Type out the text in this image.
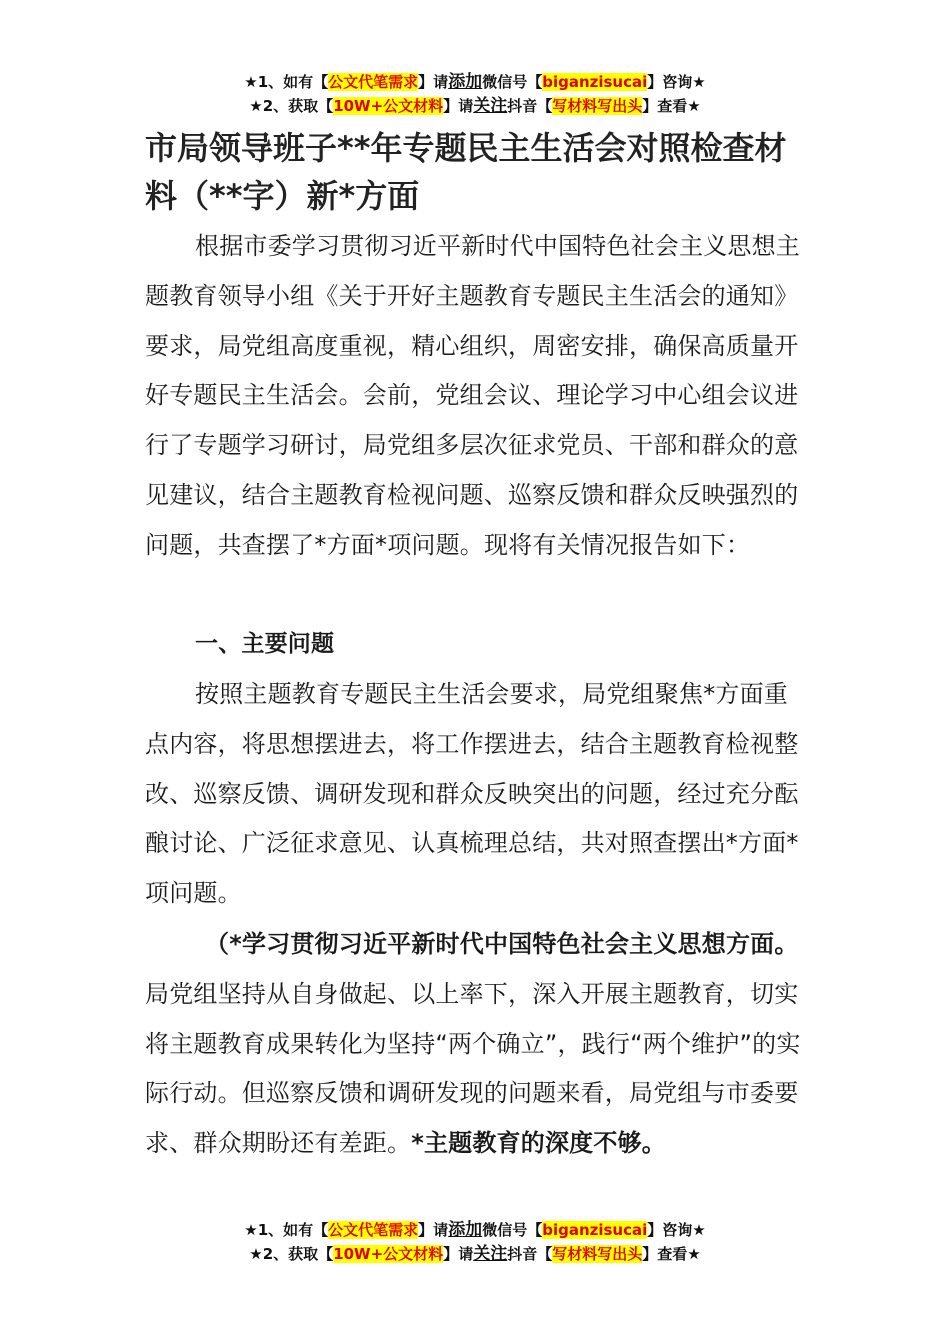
★1、如有【公文代笔需求】请添加微信号【biganzisucai】咨询★
★2、获取【10W+公文材料】请关注抖音【写材料写出头】查看★
市局领导班子**年专题民主生活会对照检查材料（**字）新*方面

根据市委学习贯彻习近平新时代中国特色社会主义思想主题教育领导小组《关于开好主题教育专题民主生活会的通知》要求，局党组高度重视，精心组织，周密安排，确保高质量开好专题民主生活会。会前，党组会议、理论学习中心组会议进行了专题学习研讨，局党组多层次征求党员、干部和群众的意见建议，结合主题教育检视问题、巡察反馈和群众反映强烈的问题，共查摆了*方面*项问题。现将有关情况报告如下：

一、主要问题

按照主题教育专题民主生活会要求，局党组聚焦*方面重点内容，将思想摆进去，将工作摆进去，结合主题教育检视整改、巡察反馈、调研发现和群众反映突出的问题，经过充分酝酿讨论、广泛征求意见、认真梳理总结，共对照查摆出*方面*项问题。

（*学习贯彻习近平新时代中国特色社会主义思想方面。局党组坚持从自身做起、以上率下，深入开展主题教育，切实将主题教育成果转化为坚持“两个确立”，践行“两个维护”的实际行动。但巡察反馈和调研发现的问题来看，局党组与市委要求、群众期盼还有差距。*主题教育的深度不够。

★1、如有【公文代笔需求】请添加微信号【biganzisucai】咨询★
★2、获取【10W+公文材料】请关注抖音【写材料写出头】查看★
